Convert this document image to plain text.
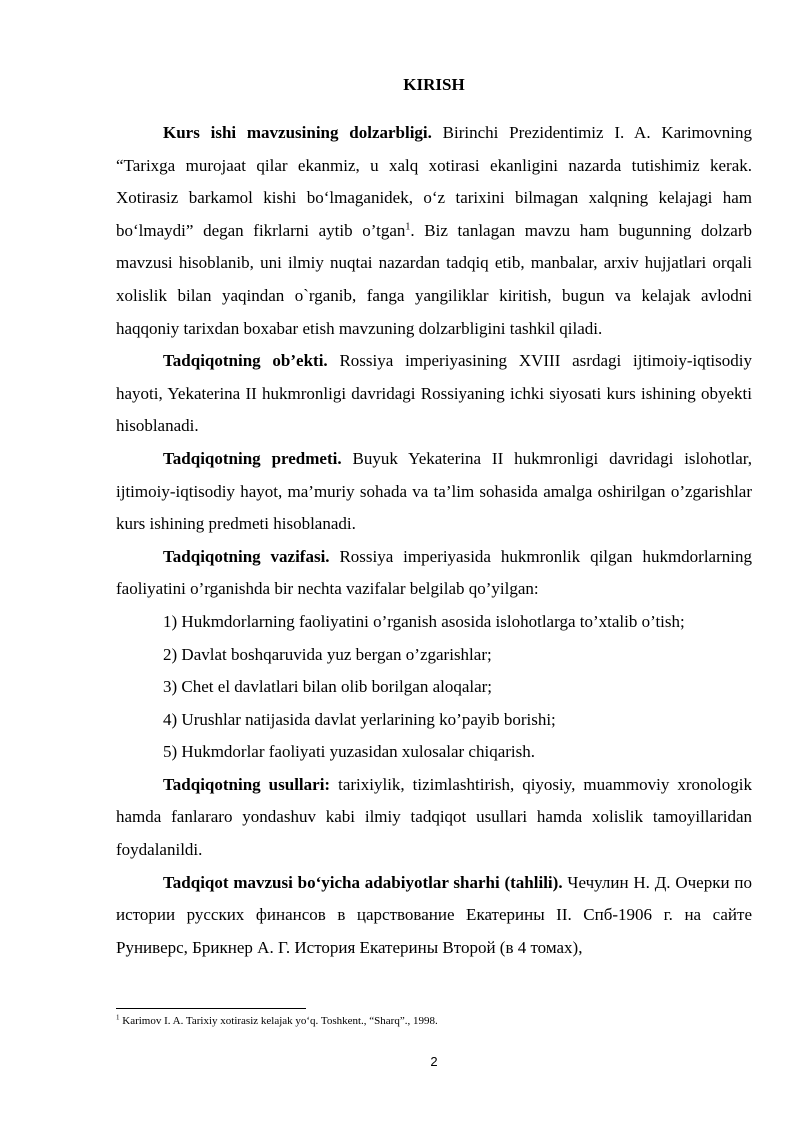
KIRISH

Kurs ishi mavzusining dolzarbligi. Birinchi Prezidentimiz I. A. Karimovning “Tarixga murojaat qilar ekanmiz, u xalq xotirasi ekanligini nazarda tutishimiz kerak. Xotirasiz barkamol kishi bo‘lmaganidek, o‘z tarixini bilmagan xalqning kelajagi ham bo‘lmaydi” degan fikrlarni aytib o’tgan$^1$. Biz tanlagan mavzu ham bugunning dolzarb mavzusi hisoblanib, uni ilmiy nuqtai nazardan tadqiq etib, manbalar, arxiv hujjatlari orqali xolislik bilan yaqindan o`rganib, fanga yangiliklar kiritish, bugun va kelajak avlodni haqqoniy tarixdan boxabar etish mavzuning dolzarbligini tashkil qiladi.

Tadqiqotning ob’ekti. Rossiya imperiyasining XVIII asrdagi ijtimoiy-iqtisodiy hayoti, Yekaterina II hukmronligi davridagi Rossiyaning ichki siyosati kurs ishining obyekti hisoblanadi.

Tadqiqotning predmeti. Buyuk Yekaterina II hukmronligi davridagi islohotlar, ijtimoiy-iqtisodiy hayot, ma’muriy sohada va ta’lim sohasida amalga oshirilgan o’zgarishlar kurs ishining predmeti hisoblanadi.

Tadqiqotning vazifasi. Rossiya imperiyasida hukmronlik qilgan hukmdorlarning faoliyatini o’rganishda bir nechta vazifalar belgilab qo’yilgan:

1) Hukmdorlarning faoliyatini o’rganish asosida islohotlarga to’xtalib o’tish;

2) Davlat boshqaruvida yuz bergan o’zgarishlar;

3) Chet el davlatlari bilan olib borilgan aloqalar;

4) Urushlar natijasida davlat yerlarining ko’payib borishi;

5) Hukmdorlar faoliyati yuzasidan xulosalar chiqarish.

Tadqiqotning usullari: tarixiylik, tizimlashtirish, qiyosiy, muammoviy xronologik hamda fanlararo yondashuv kabi ilmiy tadqiqot usullari hamda xolislik tamoyillaridan foydalanildi.

Tadqiqot mavzusi bo‘yicha adabiyotlar sharhi (tahlili). Чечулин Н. Д. Очерки по истории русских финансов в царствование Екатерины II. Спб-1906 г. на сайте Руниверс, Брикнер А. Г. История Екатерины Второй (в 4 томах),

$^1$ Karimov I. A. Tarixiy xotirasiz kelajak yo‘q. Toshkent., “Sharq”., 1998.
2
